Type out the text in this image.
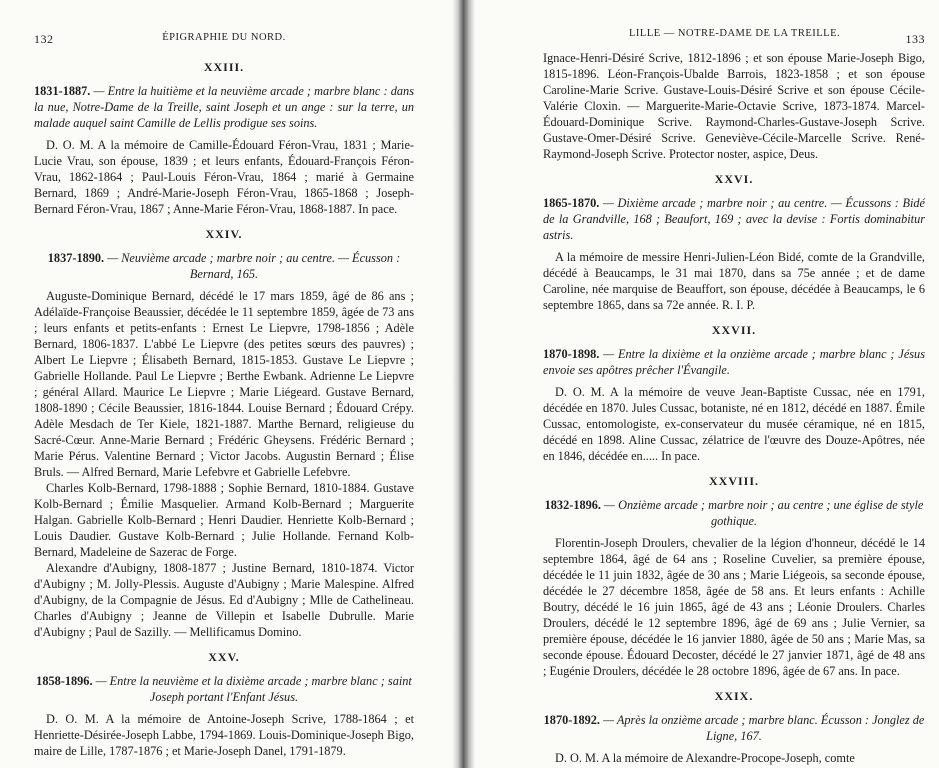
132	ÉPIGRAPHIE DU NORD.
XXIII.

1831-1887. — Entre la huitième et la neuvième arcade ; marbre blanc : dans la nue, Notre-Dame de la Treille, saint Joseph et un ange : sur la terre, un malade auquel saint Camille de Lellis prodigue ses soins.

D. O. M. A la mémoire de Camille-Édouard Féron-Vrau, 1831 ; Marie-Lucie Vrau, son épouse, 1839 ; et leurs enfants, Édouard-François Féron-Vrau, 1862-1864 ; Paul-Louis Féron-Vrau, 1864 ; marié à Germaine Bernard, 1869 ; André-Marie-Joseph Féron-Vrau, 1865-1868 ; Joseph-Bernard Féron-Vrau, 1867 ; Anne-Marie Féron-Vrau, 1868-1887. In pace.

XXIV.

1837-1890. — Neuvième arcade ; marbre noir ; au centre. — Écusson : Bernard, 165.

Auguste-Dominique Bernard, décédé le 17 mars 1859, âgé de 86 ans ; Adélaïde-Françoise Beaussier, décédée le 11 septembre 1859, âgée de 73 ans ; leurs enfants et petits-enfants : Ernest Le Liepvre, 1798-1856 ; Adèle Bernard, 1806-1837. L'abbé Le Liepvre (des petites sœurs des pauvres) ; Albert Le Liepvre ; Élisabeth Bernard, 1815-1853. Gustave Le Liepvre ; Gabrielle Hollande. Paul Le Liepvre ; Berthe Ewbank. Adrienne Le Liepvre ; général Allard. Maurice Le Liepvre ; Marie Liégeard. Gustave Bernard, 1808-1890 ; Cécile Beaussier, 1816-1844. Louise Bernard ; Édouard Crépy. Adèle Mesdach de Ter Kiele, 1821-1887. Marthe Bernard, religieuse du Sacré-Cœur. Anne-Marie Bernard ; Frédéric Gheysens. Frédéric Bernard ; Marie Pérus. Valentine Bernard ; Victor Jacobs. Augustin Bernard ; Élise Bruls. — Alfred Bernard, Marie Lefebvre et Gabrielle Lefebvre.

Charles Kolb-Bernard, 1798-1888 ; Sophie Bernard, 1810-1884. Gustave Kolb-Bernard ; Émilie Masquelier. Armand Kolb-Bernard ; Marguerite Halgan. Gabrielle Kolb-Bernard ; Henri Daudier. Henriette Kolb-Bernard ; Louis Daudier. Gustave Kolb-Bernard ; Julie Hollande. Fernand Kolb-Bernard, Madeleine de Sazerac de Forge.

Alexandre d'Aubigny, 1808-1877 ; Justine Bernard, 1810-1874. Victor d'Aubigny ; M. Jolly-Plessis. Auguste d'Aubigny ; Marie Malespine. Alfred d'Aubigny, de la Compagnie de Jésus. Ed d'Aubigny ; Mlle de Cathelineau. Charles d'Aubigny ; Jeanne de Villepin et Isabelle Dubrulle. Marie d'Aubigny ; Paul de Sazilly. — Mellificamus Domino.

XXV.

1858-1896. — Entre la neuvième et la dixième arcade ; marbre blanc ; saint Joseph portant l'Enfant Jésus.

D. O. M. A la mémoire de Antoine-Joseph Scrive, 1788-1864 ; et Henriette-Désirée-Joseph Labbe, 1794-1869. Louis-Dominique-Joseph Bigo, maire de Lille, 1787-1876 ; et Marie-Joseph Danel, 1791-1879.

LILLE — NOTRE-DAME DE LA TREILLE.	133

Ignace-Henri-Désiré Scrive, 1812-1896 ; et son épouse Marie-Joseph Bigo, 1815-1896. Léon-François-Ubalde Barrois, 1823-1858 ; et son épouse Caroline-Marie Scrive. Gustave-Louis-Désiré Scrive et son épouse Cécile-Valérie Cloxin. — Marguerite-Marie-Octavie Scrive, 1873-1874. Marcel-Édouard-Dominique Scrive. Raymond-Charles-Gustave-Joseph Scrive. Gustave-Omer-Désiré Scrive. Geneviève-Cécile-Marcelle Scrive. René-Raymond-Joseph Scrive. Protector noster, aspice, Deus.

XXVI.

1865-1870. — Dixième arcade ; marbre noir ; au centre. — Écussons : Bidé de la Grandville, 168 ; Beaufort, 169 ; avec la devise : Fortis dominabitur astris.

A la mémoire de messire Henri-Julien-Léon Bidé, comte de la Grandville, décédé à Beaucamps, le 31 mai 1870, dans sa 75e année ; et de dame Caroline, née marquise de Beauffort, son épouse, décédée à Beaucamps, le 6 septembre 1865, dans sa 72e année. R. I. P.

XXVII.

1870-1898. — Entre la dixième et la onzième arcade ; marbre blanc ; Jésus envoie ses apôtres prêcher l'Évangile.

D. O. M. A la mémoire de veuve Jean-Baptiste Cussac, née en 1791, décédée en 1870. Jules Cussac, botaniste, né en 1812, décédé en 1887. Émile Cussac, entomologiste, ex-conservateur du musée céramique, né en 1815, décédé en 1898. Aline Cussac, zélatrice de l'œuvre des Douze-Apôtres, née en 1846, décédée en..... In pace.

XXVIII.

1832-1896. — Onzième arcade ; marbre noir ; au centre ; une église de style gothique.

Florentin-Joseph Droulers, chevalier de la légion d'honneur, décédé le 14 septembre 1864, âgé de 64 ans ; Roseline Cuvelier, sa première épouse, décédée le 11 juin 1832, âgée de 30 ans ; Marie Liégeois, sa seconde épouse, décédée le 27 décembre 1858, âgée de 58 ans. Et leurs enfants : Achille Boutry, décédé le 16 juin 1865, âgé de 43 ans ; Léonie Droulers. Charles Droulers, décédé le 12 septembre 1896, âgé de 69 ans ; Julie Vernier, sa première épouse, décédée le 16 janvier 1880, âgée de 50 ans ; Marie Mas, sa seconde épouse. Édouard Decoster, décédé le 27 janvier 1871, âgé de 48 ans ; Eugénie Droulers, décédée le 28 octobre 1896, âgée de 67 ans. In pace.

XXIX.

1870-1892. — Après la onzième arcade ; marbre blanc. Écusson : Jonglez de Ligne, 167.

D. O. M. A la mémoire de Alexandre-Procope-Joseph, comte
